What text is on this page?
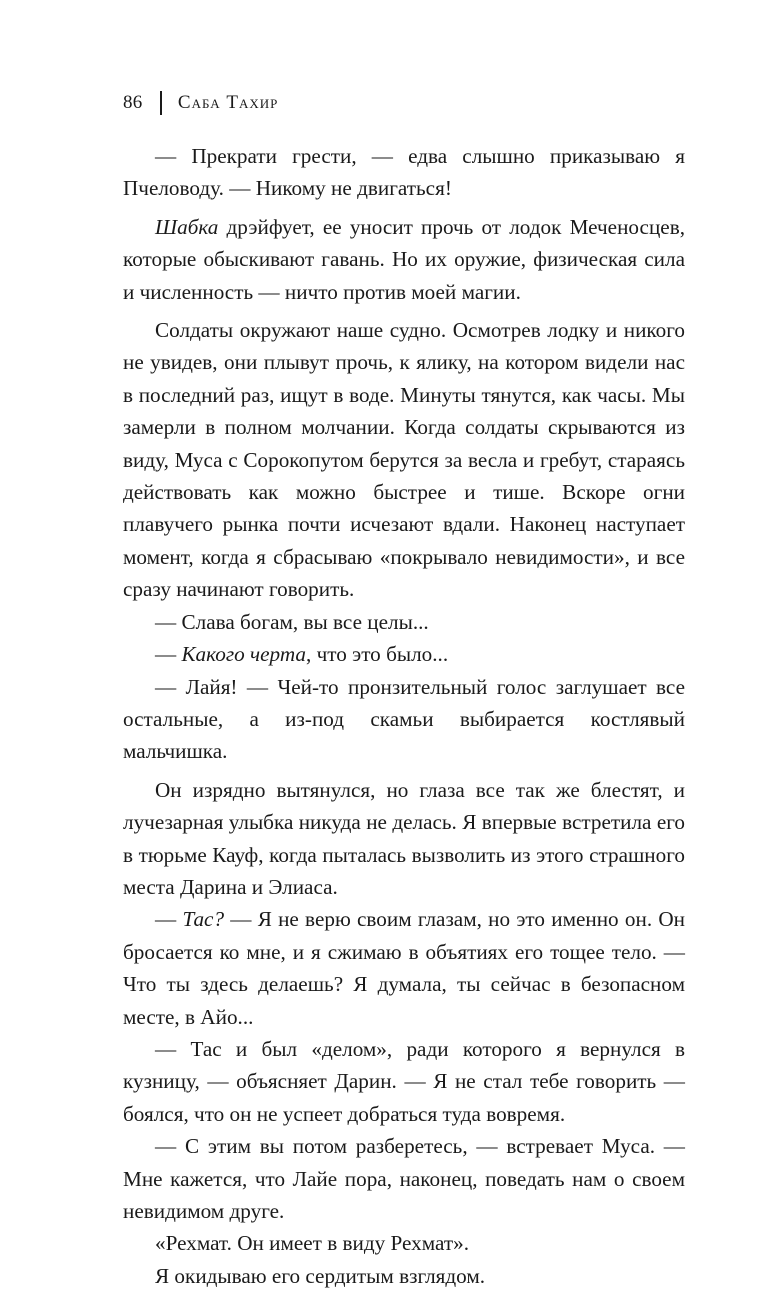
86 Саба Тахир

— Прекрати грести, — едва слышно приказываю я Пчеловоду. — Никому не двигаться!

Шабка дрэйфует, ее уносит прочь от лодок Меченосцев, которые обыскивают гавань. Но их оружие, физическая сила и численность — ничто против моей магии.

Солдаты окружают наше судно. Осмотрев лодку и никого не увидев, они плывут прочь, к ялику, на котором видели нас в последний раз, ищут в воде. Минуты тянутся, как часы. Мы замерли в полном молчании. Когда солдаты скрываются из виду, Муса с Сорокопутом берутся за весла и гребут, стараясь действовать как можно быстрее и тише. Вскоре огни плавучего рынка почти исчезают вдали. Наконец наступает момент, когда я сбрасываю «покрывало невидимости», и все сразу начинают говорить.

— Слава богам, вы все целы...

— Какого черта, что это было...

— Лайя! — Чей-то пронзительный голос заглушает все остальные, а из-под скамьи выбирается костлявый мальчишка.

Он изрядно вытянулся, но глаза все так же блестят, и лучезарная улыбка никуда не делась. Я впервые встретила его в тюрьме Кауф, когда пыталась вызволить из этого страшного места Дарина и Элиаса.

— Тас? — Я не верю своим глазам, но это именно он. Он бросается ко мне, и я сжимаю в объятиях его тощее тело. — Что ты здесь делаешь? Я думала, ты сейчас в безопасном месте, в Айо...

— Тас и был «делом», ради которого я вернулся в кузницу, — объясняет Дарин. — Я не стал тебе говорить — боялся, что он не успеет добраться туда вовремя.

— С этим вы потом разберетесь, — встревает Муса. — Мне кажется, что Лайе пора, наконец, поведать нам о своем невидимом друге.

«Рехмат. Он имеет в виду Рехмат».

Я окидываю его сердитым взглядом.
